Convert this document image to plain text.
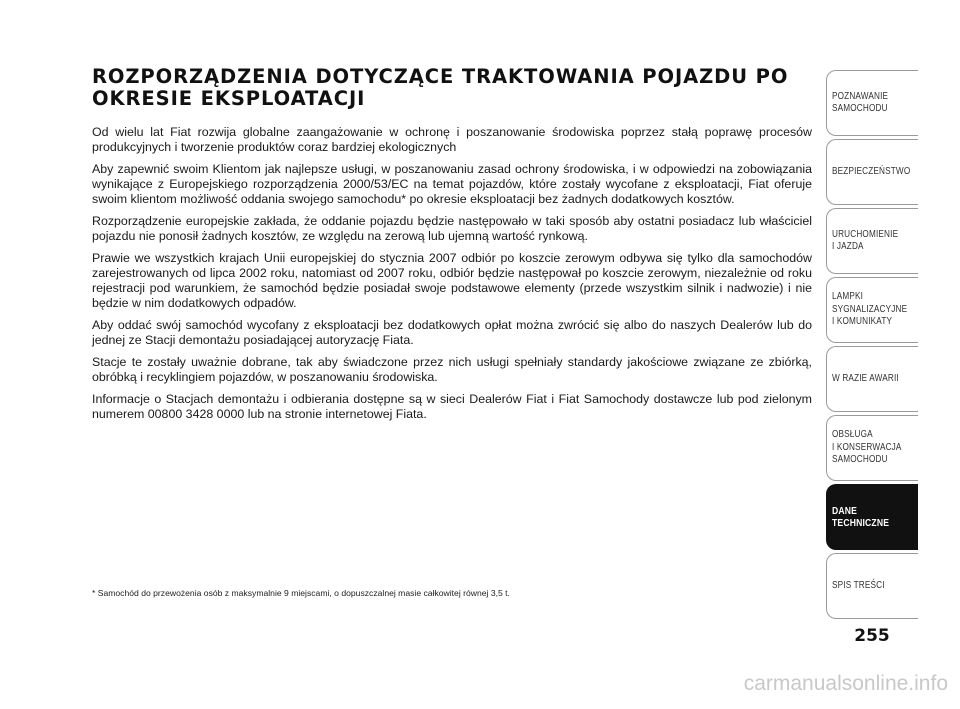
ROZPORZĄDZENIA DOTYCZĄCE TRAKTOWANIA POJAZDU PO OKRESIE EKSPLOATACJI

Od wielu lat Fiat rozwija globalne zaangażowanie w ochronę i poszanowanie środowiska poprzez stałą poprawę procesów produkcyjnych i tworzenie produktów coraz bardziej ekologicznych

Aby zapewnić swoim Klientom jak najlepsze usługi, w poszanowaniu zasad ochrony środowiska, i w odpowiedzi na zobowiązania wynikające z Europejskiego rozporządzenia 2000/53/EC na temat pojazdów, które zostały wycofane z eksploatacji, Fiat oferuje swoim klientom możliwość oddania swojego samochodu* po okresie eksploatacji bez żadnych dodatkowych kosztów.

Rozporządzenie europejskie zakłada, że oddanie pojazdu będzie następowało w taki sposób aby ostatni posiadacz lub właściciel pojazdu nie ponosił żadnych kosztów, ze względu na zerową lub ujemną wartość rynkową.

Prawie we wszystkich krajach Unii europejskiej do stycznia 2007 odbiór po koszcie zerowym odbywa się tylko dla samochodów zarejestrowanych od lipca 2002 roku, natomiast od 2007 roku, odbiór będzie następował po koszcie zerowym, niezależnie od roku rejestracji pod warunkiem, że samochód będzie posiadał swoje podstawowe elementy (przede wszystkim silnik i nadwozie) i nie będzie w nim dodatkowych odpadów.

Aby oddać swój samochód wycofany z eksploatacji bez dodatkowych opłat można zwrócić się albo do naszych Dealerów lub do jednej ze Stacji demontażu posiadającej autoryzację Fiata.

Stacje te zostały uważnie dobrane, tak aby świadczone przez nich usługi spełniały standardy jakościowe związane ze zbiórką, obróbką i recyklingiem pojazdów, w poszanowaniu środowiska.

Informacje o Stacjach demontażu i odbierania dostępne są w sieci Dealerów Fiat i Fiat Samochody dostawcze lub pod zielonym numerem 00800 3428 0000 lub na stronie internetowej Fiata.

* Samochód do przewożenia osób z maksymalnie 9 miejscami, o dopuszczalnej masie całkowitej równej 3,5 t.
POZNAWANIE
SAMOCHODU
BEZPIECZEŃSTWO
URUCHOMIENIE
I JAZDA
LAMPKI
SYGNALIZACYJNE
I KOMUNIKATY
W RAZIE AWARII
OBSŁUGA
I KONSERWACJA
SAMOCHODU
DANE
TECHNICZNE
SPIS TREŚCI
255
carmanualsonline.info
